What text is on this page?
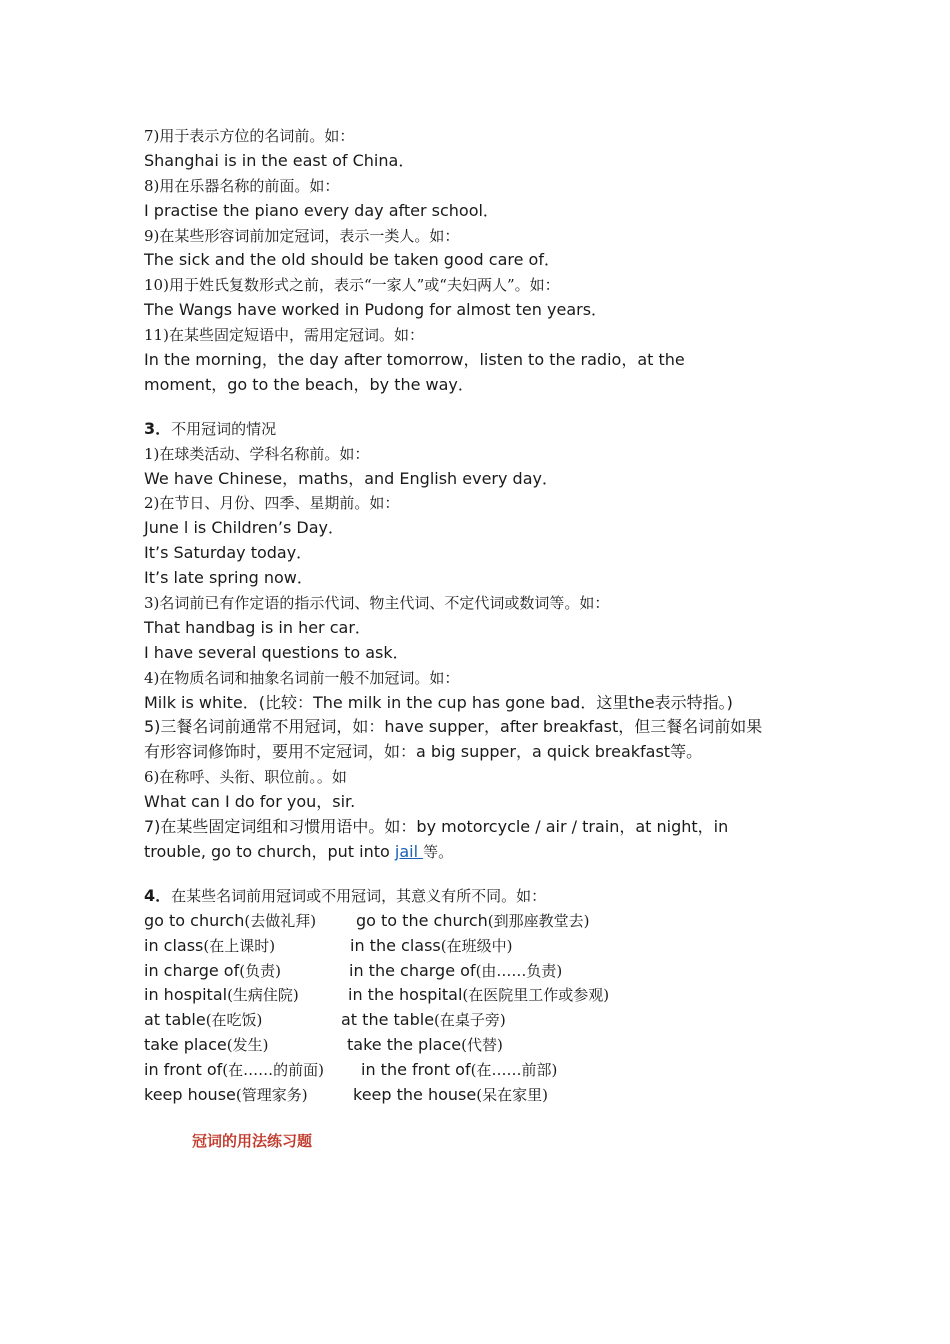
7)用于表示方位的名词前。如：
Shanghai is in the east of China．
8)用在乐器名称的前面。如：
I practise the piano every day after school．
9)在某些形容词前加定冠词，表示一类人。如：
The sick and the old should be taken good care of．
10)用于姓氏复数形式之前，表示“一家人”或“夫妇两人”。如：
The Wangs have worked in Pudong for almost ten years．
11)在某些固定短语中，需用定冠词。如：
In the morning，the day after tomorrow，listen to the radio，at the
moment，go to the beach，by the way．
3．不用冠词的情况
1)在球类活动、学科名称前。如：
We have Chinese，maths，and English every day．
2)在节日、月份、四季、星期前。如：
June l is Children’s Day．
It’s Saturday today．
It’s late spring now．
3)名词前已有作定语的指示代词、物主代词、不定代词或数词等。如：
That handbag is in her car．
I have several questions to ask．
4)在物质名词和抽象名词前一般不加冠词。如：
Milk is white．(比较：The milk in the cup has gone bad．这里the表示特指。)
5)三餐名词前通常不用冠词，如：have supper，after breakfast，但三餐名词前如果
有形容词修饰时，要用不定冠词，如：a big supper，a quick breakfast等。
6)在称呼、头衔、职位前。。如
What can I do for you，sir.
7)在某些固定词组和习惯用语中。如：by motorcycle / air / train，at night，in
trouble, go to church，put into jail 等。
4．在某些名词前用冠词或不用冠词，其意义有所不同。如：
go to church(去做礼拜) go to the church(到那座教堂去)
in class(在上课时)	in the class(在班级中)
in charge of(负责)	in the charge of(由……负责)
in hospital(生病住院)	in the hospital(在医院里工作或参观)
at table(在吃饭)	at the table(在桌子旁)
take place(发生)	take the place(代替)
in front of(在……的前面) in the front of(在……前部)
keep house(管理家务)	keep the house(呆在家里)
冠词的用法练习题
